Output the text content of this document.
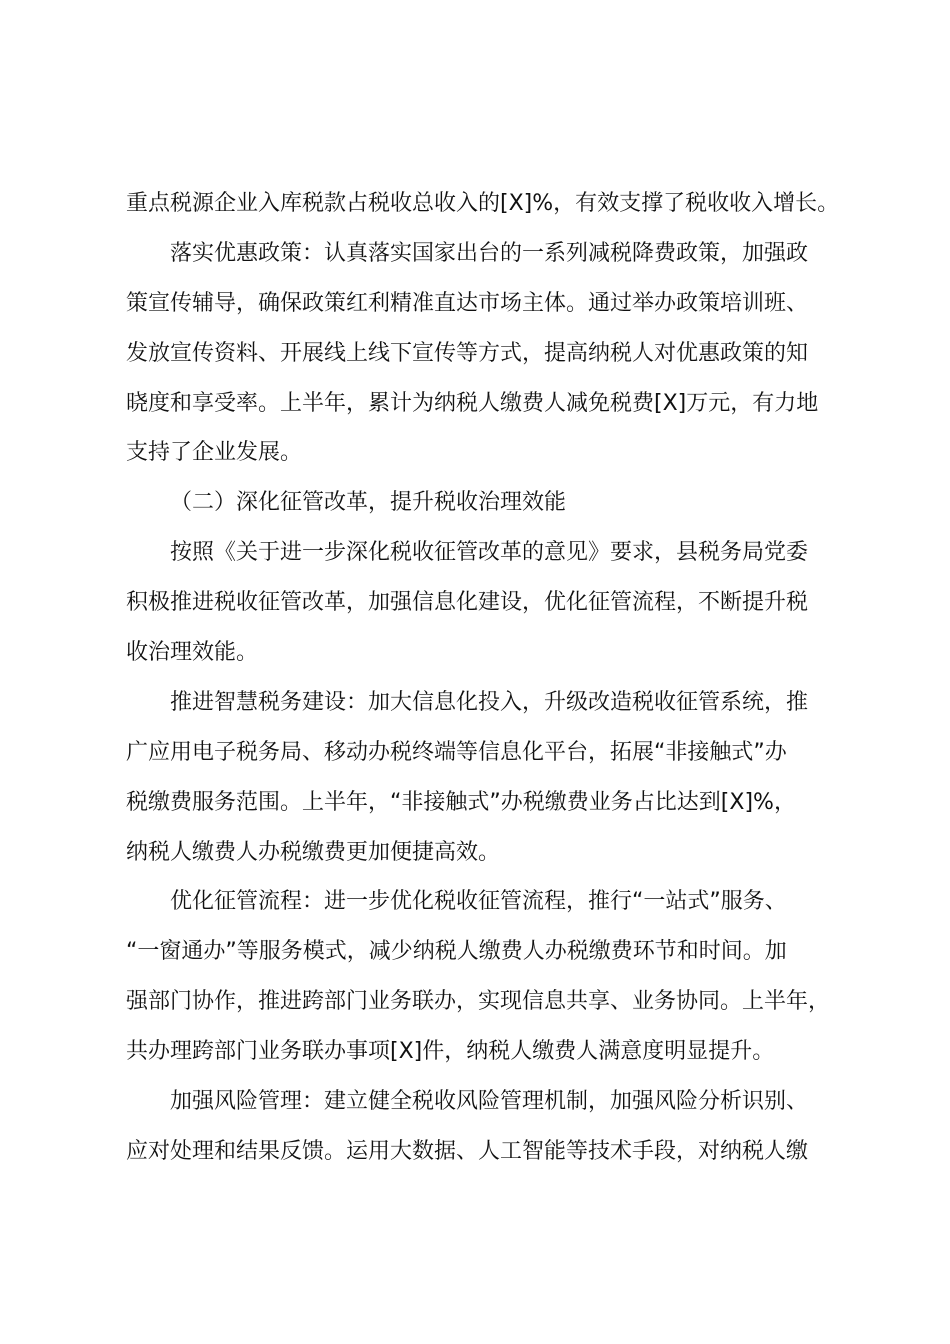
重点税源企业入库税款占税收总收入的[X]%，有效支撑了税收收入增长。
落实优惠政策：认真落实国家出台的一系列减税降费政策，加强政
策宣传辅导，确保政策红利精准直达市场主体。通过举办政策培训班、
发放宣传资料、开展线上线下宣传等方式，提高纳税人对优惠政策的知
晓度和享受率。上半年，累计为纳税人缴费人减免税费[X]万元，有力地
支持了企业发展。
（二）深化征管改革，提升税收治理效能
按照《关于进一步深化税收征管改革的意见》要求，县税务局党委
积极推进税收征管改革，加强信息化建设，优化征管流程，不断提升税
收治理效能。
推进智慧税务建设：加大信息化投入，升级改造税收征管系统，推
广应用电子税务局、移动办税终端等信息化平台，拓展“非接触式”办
税缴费服务范围。上半年，“非接触式”办税缴费业务占比达到[X]%，
纳税人缴费人办税缴费更加便捷高效。
优化征管流程：进一步优化税收征管流程，推行“一站式”服务、
“一窗通办”等服务模式，减少纳税人缴费人办税缴费环节和时间。加
强部门协作，推进跨部门业务联办，实现信息共享、业务协同。上半年，
共办理跨部门业务联办事项[X]件，纳税人缴费人满意度明显提升。
加强风险管理：建立健全税收风险管理机制，加强风险分析识别、
应对处理和结果反馈。运用大数据、人工智能等技术手段，对纳税人缴
